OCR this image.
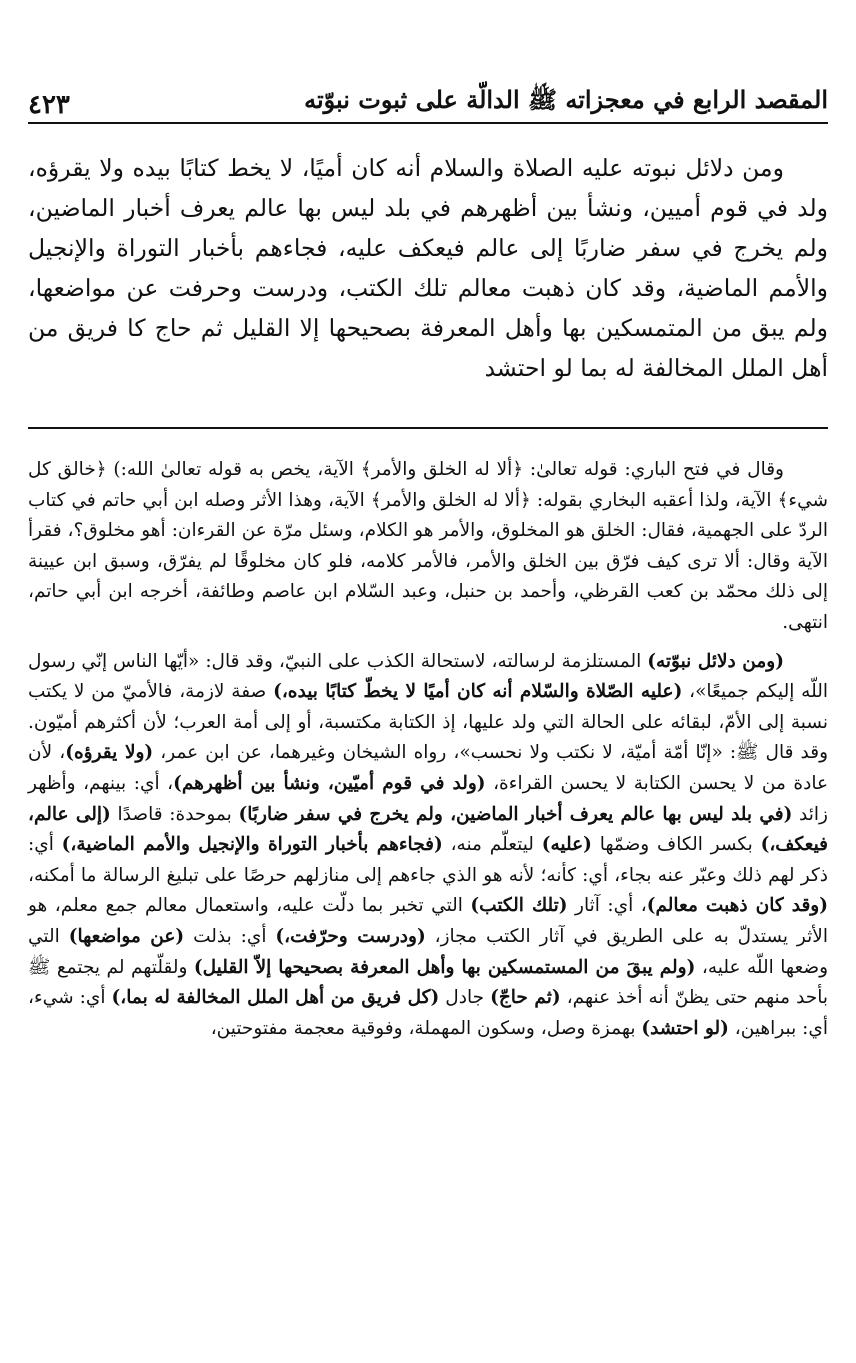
المقصد الرابع في معجزاته ﷺ الدالّة على ثبوت نبوّته
٤٢٣

ومن دلائل نبوته عليه الصلاة والسلام أنه كان أميًا، لا يخط كتابًا بيده ولا يقرؤه، ولد في قوم أميين، ونشأ بين أظهرهم في بلد ليس بها عالم يعرف أخبار الماضين، ولم يخرج في سفر ضاربًا إلى عالم فيعكف عليه، فجاءهم بأخبار التوراة والإنجيل والأمم الماضية، وقد كان ذهبت معالم تلك الكتب، ودرست وحرفت عن مواضعها، ولم يبق من المتمسكين بها وأهل المعرفة بصحيحها إلا القليل ثم حاج كا فريق من أهل الملل المخالفة له بما لو احتشد

وقال في فتح الباري: قوله تعالىٰ: ﴿ألا له الخلق والأمر﴾ الآية، يخص به قوله تعالىٰ الله:) ﴿خالق كل شيء﴾ الآية، ولذا أعقبه البخاري بقوله: ﴿ألا له الخلق والأمر﴾ الآية، وهذا الأثر وصله ابن أبي حاتم في كتاب الردّ على الجهمية، فقال: الخلق هو المخلوق، والأمر هو الكلام، وسئل مرّة عن القرءان: أهو مخلوق؟، فقرأ الآية وقال: ألا ترى كيف فرّق بين الخلق والأمر، فالأمر كلامه، فلو كان مخلوقًا لم يفرّق، وسبق ابن عيينة إلى ذلك محمّد بن كعب القرظي، وأحمد بن حنبل، وعبد السّلام ابن عاصم وطائفة، أخرجه ابن أبي حاتم، انتهى.

(ومن دلائل نبوّته) المستلزمة لرسالته، لاستحالة الكذب على النبيّ، وقد قال: «أيّها الناس إنّي رسول اللّه إليكم جميعًا»، (عليه الصّلاة والسّلام أنه كان أميًا لا يخطّ كتابًا بيده،) صفة لازمة، فالأميّ من لا يكتب نسبة إلى الأمّ، لبقائه على الحالة التي ولد عليها، إذ الكتابة مكتسبة، أو إلى أمة العرب؛ لأن أكثرهم أميّون. وقد قال ﷺ: «إنّا أمّة أميّة، لا نكتب ولا نحسب»، رواه الشيخان وغيرهما، عن ابن عمر، (ولا يقرؤه)، لأن عادة من لا يحسن الكتابة لا يحسن القراءة، (ولد في قوم أميّين، ونشأ بين أظهرهم)، أي: بينهم، وأظهر زائد (في بلد ليس بها عالم يعرف أخبار الماضين، ولم يخرج في سفر ضاربًا) بموحدة: قاصدًا (إلى عالم، فيعكف،) بكسر الكاف وضمّها (عليه) ليتعلّم منه، (فجاءهم بأخبار التوراة والإنجيل والأمم الماضية،) أي: ذكر لهم ذلك وعبّر عنه بجاء، أي: كأنه؛ لأنه هو الذي جاءهم إلى منازلهم حرصًا على تبليغ الرسالة ما أمكنه، (وقد كان ذهبت معالم)، أي: آثار (تلك الكتب) التي تخبر بما دلّت عليه، واستعمال معالم جمع معلم، هو الأثر يستدلّ به على الطريق في آثار الكتب مجاز، (ودرست وحرّفت،) أي: بذلت (عن مواضعها) التي وضعها اللّه عليه، (ولم يبقَ من المستمسكين بها وأهل المعرفة بصحيحها إلاّ القليل) ولقلّتهم لم يجتمع ﷺ بأحد منهم حتى يظنّ أنه أخذ عنهم، (ثم حاجّ) جادل (كل فريق من أهل الملل المخالفة له بما،) أي: شيء، أي: ببراهين، (لو احتشد) بهمزة وصل، وسكون المهملة، وفوقية معجمة مفتوحتين،
